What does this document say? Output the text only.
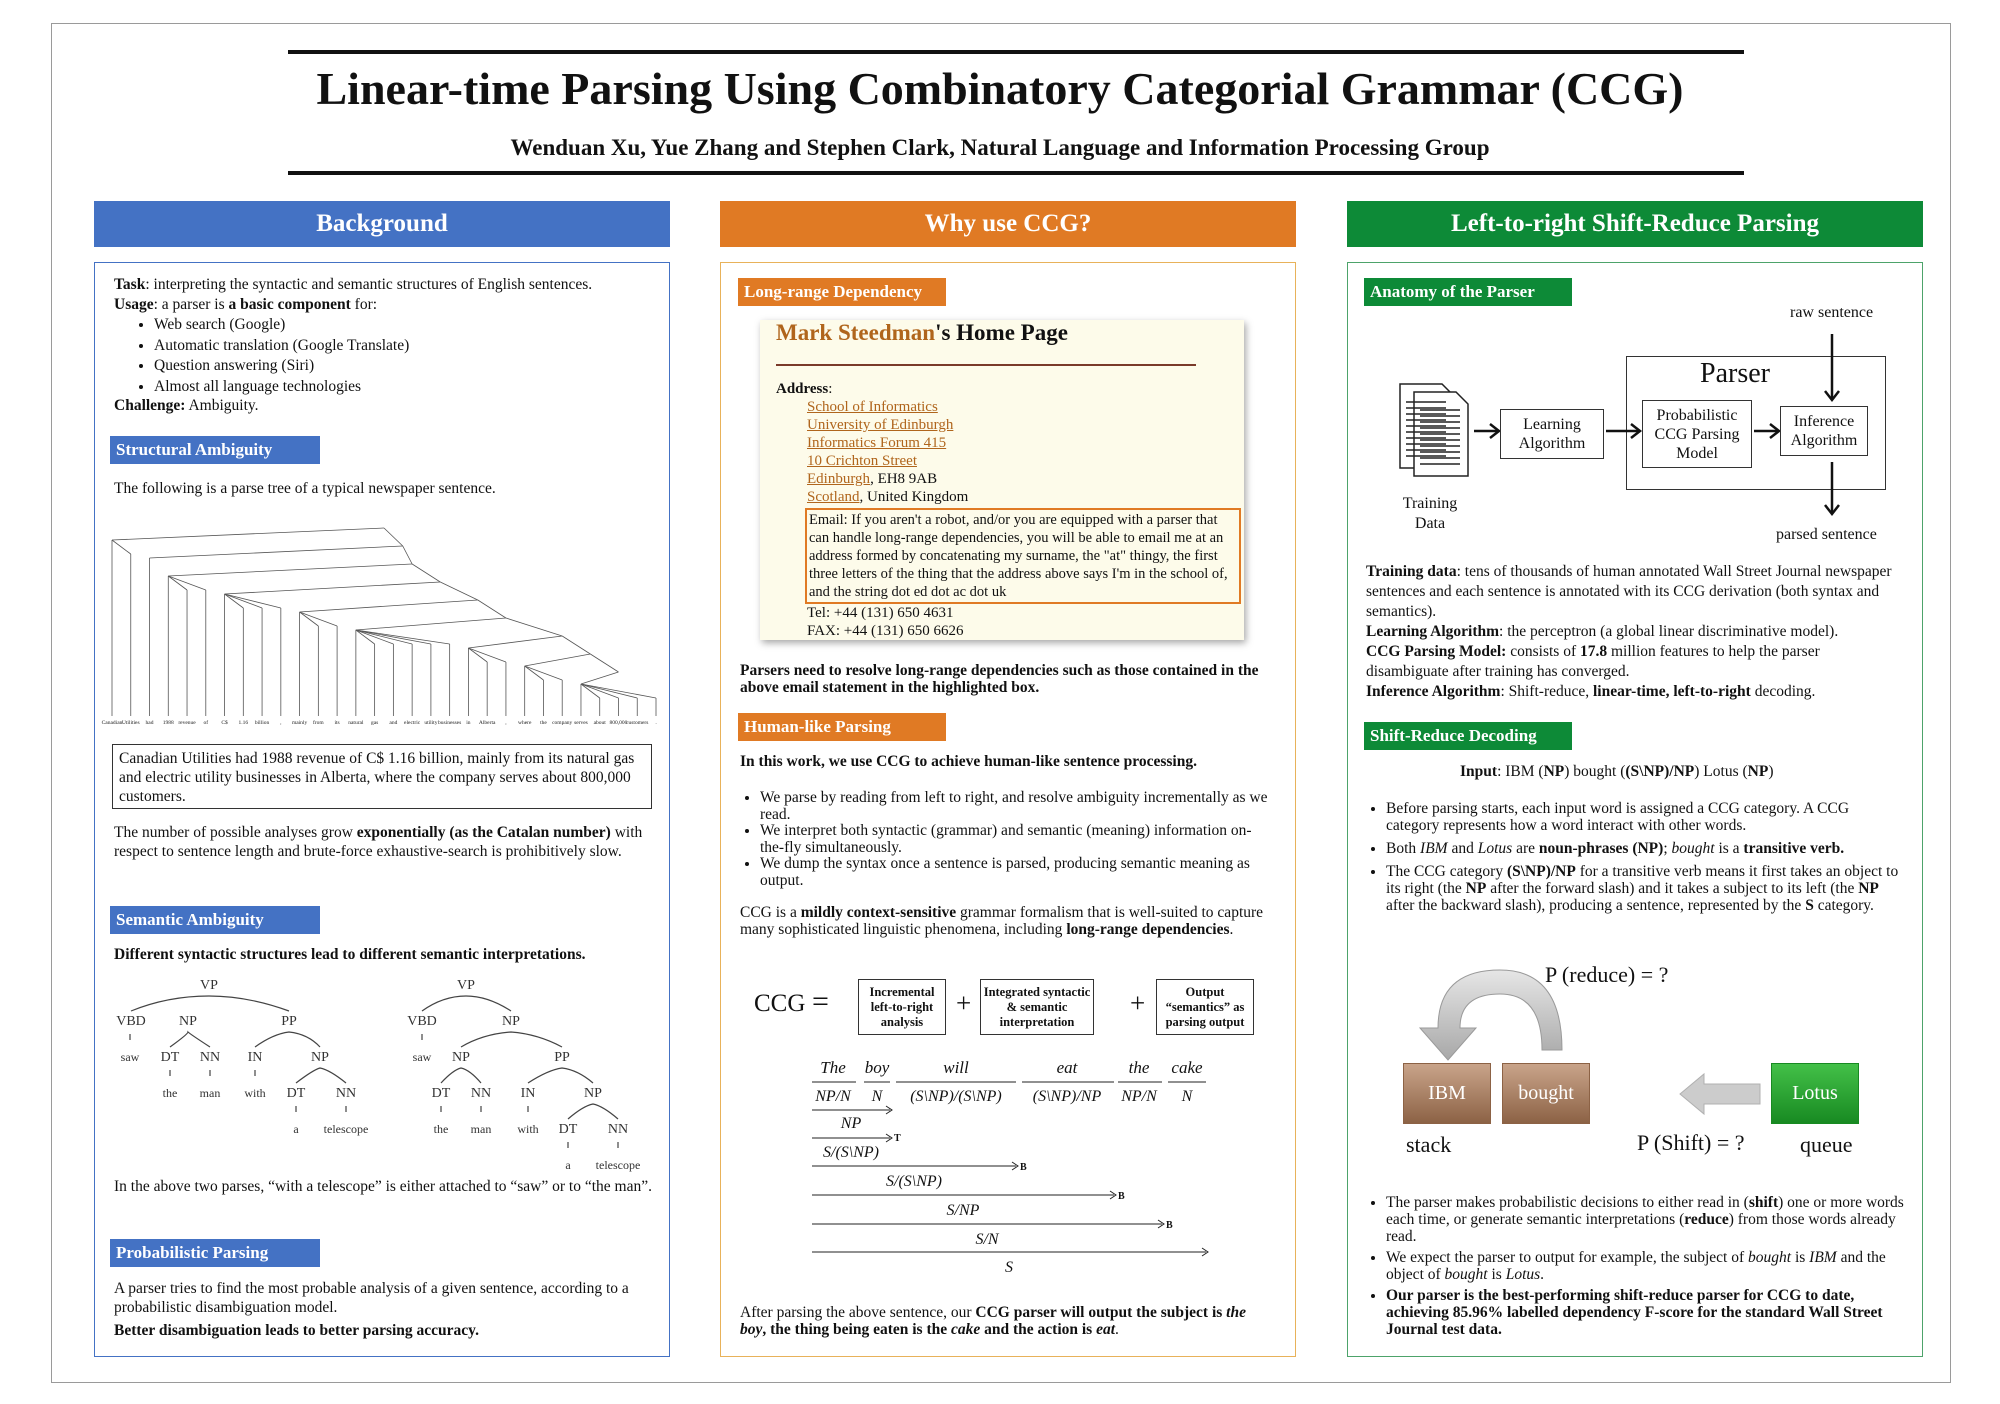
Linear-time Parsing Using Combinatory Categorial Grammar (CCG)
Wenduan Xu, Yue Zhang and Stephen Clark, Natural Language and Information Processing Group
Background
Task: interpreting the syntactic and semantic structures of English sentences.
Usage: a parser is a basic component for:
• Web search (Google)
• Automatic translation (Google Translate)
• Question answering (Siri)
• Almost all language technologies
Challenge: Ambiguity.
Structural Ambiguity
The following is a parse tree of a typical newspaper sentence.
Canadian Utilities had 1988 revenue of C$ 1.16 billion , mainly from its natural gas and electric utility businesses in Alberta , where the company serves about 800,000
customers .
Canadian Utilities had 1988 revenue of C$ 1.16 billion, mainly from its natural gas and electric utility businesses in Alberta, where the company serves about 800,000 customers.
The number of possible analyses grow exponentially (as the Catalan number) with respect to sentence length and brute-force exhaustive-search is prohibitively slow.
Semantic Ambiguity
Different syntactic structures lead to different semantic interpretations.
VP
VBD NP	PP
saw DT NN IN	NP
the man with DT NN
a telescope
VP
VBD	NP
saw NP	PP
DT NN IN	NP
the man with DT NN
a telescope
In the above two parses, “with a telescope” is either attached to “saw” or to “the man”.
Probabilistic Parsing
A parser tries to find the most probable analysis of a given sentence, according to a probabilistic disambiguation model.
Better disambiguation leads to better parsing accuracy.
Why use CCG?
Long-range Dependency
Mark Steedman's Home Page
Address:
School of Informatics
University of Edinburgh
Informatics Forum 415
10 Crichton Street
Edinburgh, EH8 9AB
Scotland, United Kingdom
Email: If you aren't a robot, and/or you are equipped with a parser that can handle long-range dependencies, you will be able to email me at an address formed by concatenating my surname, the "at" thingy, the first three letters of the thing that the address above says I'm in the school of, and the string dot ed dot ac dot uk
Tel: +44 (131) 650 4631
FAX: +44 (131) 650 6626
Parsers need to resolve long-range dependencies such as those contained in the above email statement in the highlighted box.
Human-like Parsing
In this work, we use CCG to achieve human-like sentence processing.
• We parse by reading from left to right, and resolve ambiguity incrementally as we read.
• We interpret both syntactic (grammar) and semantic (meaning) information on-the-fly simultaneously.
• We dump the syntax once a sentence is parsed, producing semantic meaning as output.
CCG is a mildly context-sensitive grammar formalism that is well-suited to capture many sophisticated linguistic phenomena, including long-range dependencies.
CCG =	Incremental left-to-right analysis
+ Integrated syntactic & semantic interpretation
+	Output “semantics” as parsing output
The boy	will	eat	the cake
NP/N N (S\NP)/(S\NP) (S\NP)/NP NP/N N
NP
S/(S\NP)
S/(S\NP)
S/NP
S/N
S
T
B
B
B
After parsing the above sentence, our CCG parser will output the subject is the boy, the thing being eaten is the cake and the action is eat.
Left-to-right Shift-Reduce Parsing
Anatomy of the Parser
raw sentence
Parser
Learning Algorithm
Probabilistic CCG Parsing Model
Inference Algorithm
Training Data
parsed sentence
Training data: tens of thousands of human annotated Wall Street Journal newspaper sentences and each sentence is annotated with its CCG derivation (both syntax and semantics).
Learning Algorithm: the perceptron (a global linear discriminative model).
CCG Parsing Model: consists of 17.8 million features to help the parser disambiguate after training has converged.
Inference Algorithm: Shift-reduce, linear-time, left-to-right decoding.
Shift-Reduce Decoding
Input: IBM (NP) bought ((S\NP)/NP) Lotus (NP)
• Before parsing starts, each input word is assigned a CCG category. A CCG category represents how a word interact with other words.
• Both IBM and Lotus are noun-phrases (NP); bought is a transitive verb.
• The CCG category (S\NP)/NP for a transitive verb means it first takes an object to its right (the NP after the forward slash) and it takes a subject to its left (the NP after the backward slash), producing a sentence, represented by the S category.
P (reduce) = ?
IBM	bought	Lotus
stack	P (Shift) = ?	queue
• The parser makes probabilistic decisions to either read in (shift) one or more words each time, or generate semantic interpretations (reduce) from those words already read.
• We expect the parser to output for example, the subject of bought is IBM and the object of bought is Lotus.
• Our parser is the best-performing shift-reduce parser for CCG to date, achieving 85.96% labelled dependency F-score for the standard Wall Street Journal test data.
